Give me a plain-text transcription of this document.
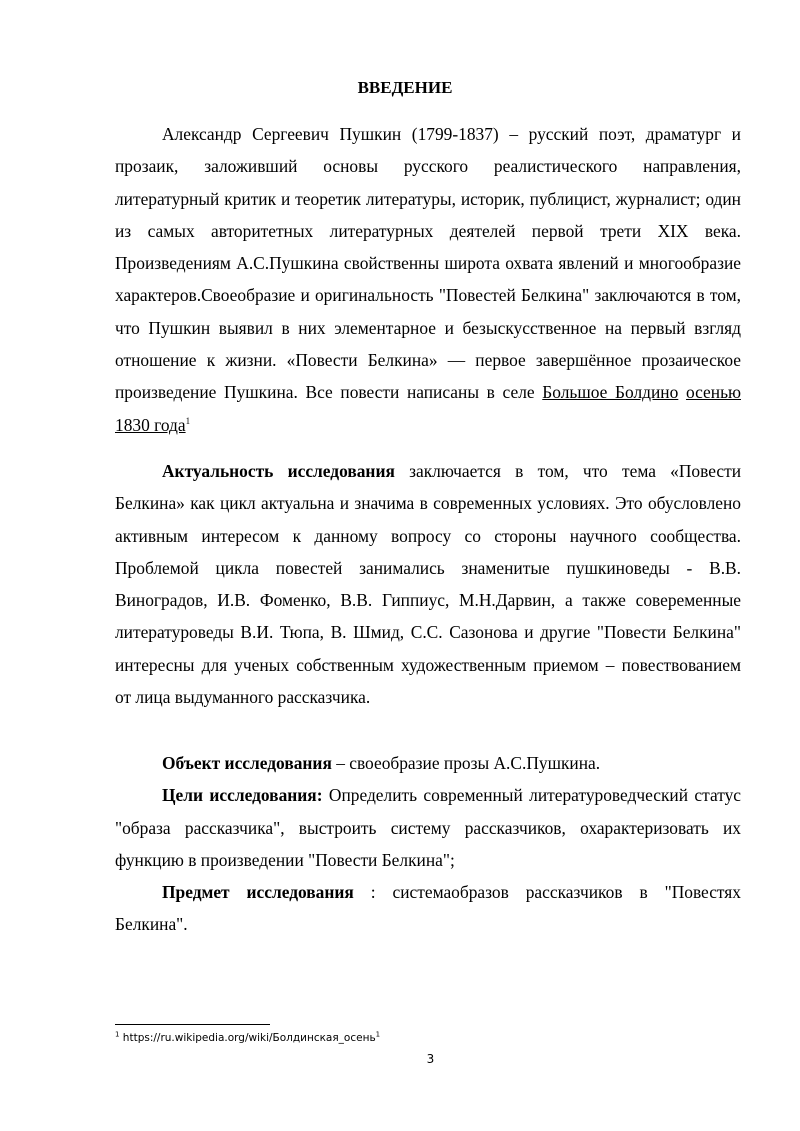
ВВЕДЕНИЕ

Александр Сергеевич Пушкин (1799-1837) – русский поэт, драматург и прозаик, заложивший основы русского реалистического направления, литературный критик и теоретик литературы, историк, публицист, журналист; один из самых авторитетных литературных деятелей первой трети XIX века. Произведениям А.С.Пушкина свойственны широта охвата явлений и многообразие характеров.Своеобразие и оригинальность "Повестей Белкина" заключаются в том, что Пушкин выявил в них элементарное и безыскусственное на первый взгляд отношение к жизни. «Повести Белкина» — первое завершённое прозаическое произведение Пушкина. Все повести написаны в селе Большое Болдино осенью 1830 года$^1$

Актуальность исследования заключается в том, что тема «Повести Белкина» как цикл актуальна и значима в современных условиях. Это обусловлено активным интересом к данному вопросу со стороны научного сообщества. Проблемой цикла повестей занимались знаменитые пушкиноведы - В.В. Виноградов, И.В. Фоменко, В.В. Гиппиус, М.Н.Дарвин, а также совеременные литературоведы В.И. Тюпа, В. Шмид, С.С. Сазонова и другие "Повести Белкина" интересны для ученых собственным художественным приемом – повествованием от лица выдуманного рассказчика.

Объект исследования – своеобразие прозы А.С.Пушкина.

Цели исследования: Определить современный литературоведческий статус "образа рассказчика", выстроить систему рассказчиков, охарактеризовать их функцию в произведении "Повести Белкина";

Предмет исследования : системаобразов рассказчиков в "Повестях Белкина".

$^1$ https://ru.wikipedia.org/wiki/Болдинская_осень$^1$
3
